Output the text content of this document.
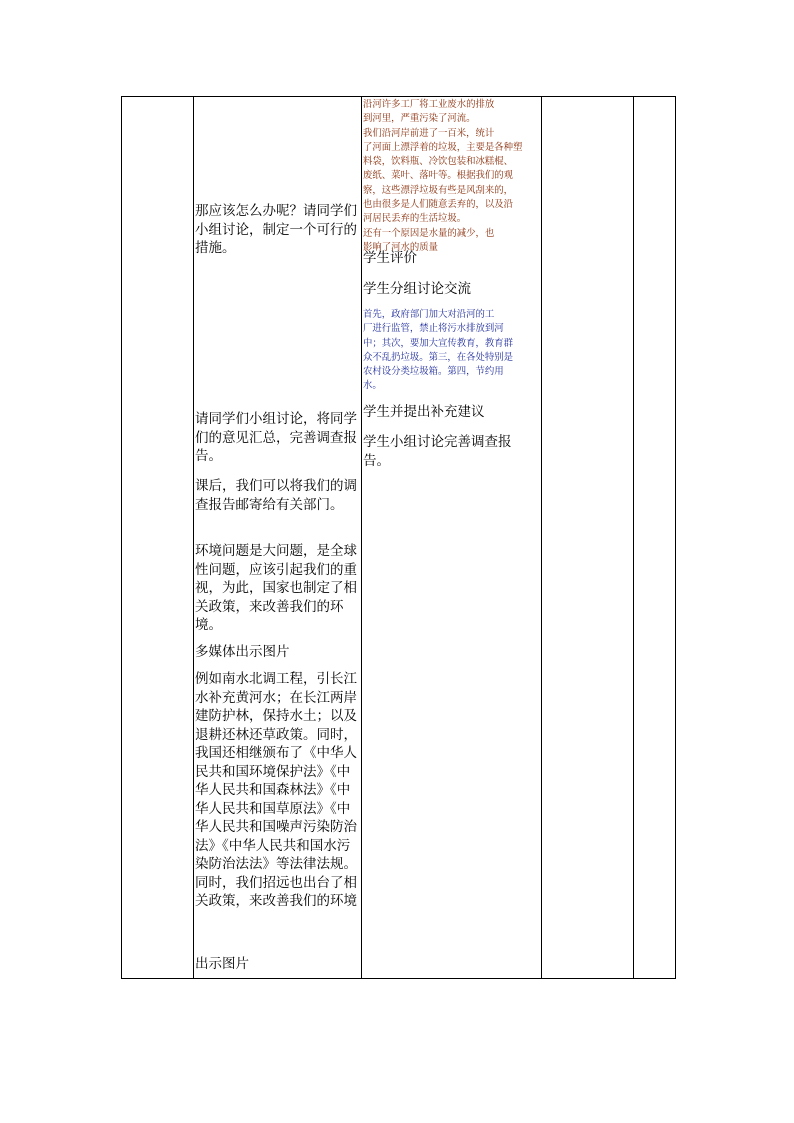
那应该怎么办呢？请同学们小组讨论，制定一个可行的措施。

请同学们小组讨论，将同学们的意见汇总，完善调查报告。

课后，我们可以将我们的调查报告邮寄给有关部门。

环境问题是大问题，是全球性问题，应该引起我们的重视，为此，国家也制定了相关政策，来改善我们的环境。

多媒体出示图片

例如南水北调工程，引长江水补充黄河水；在长江两岸建防护林，保持水土；以及退耕还林还草政策。同时，我国还相继颁布了《中华人民共和国环境保护法》《中华人民共和国森林法》《中华人民共和国草原法》《中华人民共和国噪声污染防治法》《中华人民共和国水污染防治法法》等法律法规。同时，我们招远也出台了相关政策，来改善我们的环境

出示图片

沿河许多工厂将工业废水的排放
到河里，严重污染了河流。
我们沿河岸前进了一百米，统计
了河面上漂浮着的垃圾，主要是各种塑
料袋，饮料瓶、冷饮包装和冰糕棍、
废纸、菜叶、落叶等。根据我们的观
察，这些漂浮垃圾有些是风刮来的，
也由很多是人们随意丢弃的，以及沿
河居民丢弃的生活垃圾。
还有一个原因是水量的减少，也
影响了河水的质量

学生评价

学生分组讨论交流

首先，政府部门加大对沿河的工
厂进行监管，禁止将污水排放到河
中；其次，要加大宣传教育，教育群
众不乱扔垃圾。第三，在各处特别是
农村设分类垃圾箱。第四，节约用
水。

学生并提出补充建议

学生小组讨论完善调查报
告。
